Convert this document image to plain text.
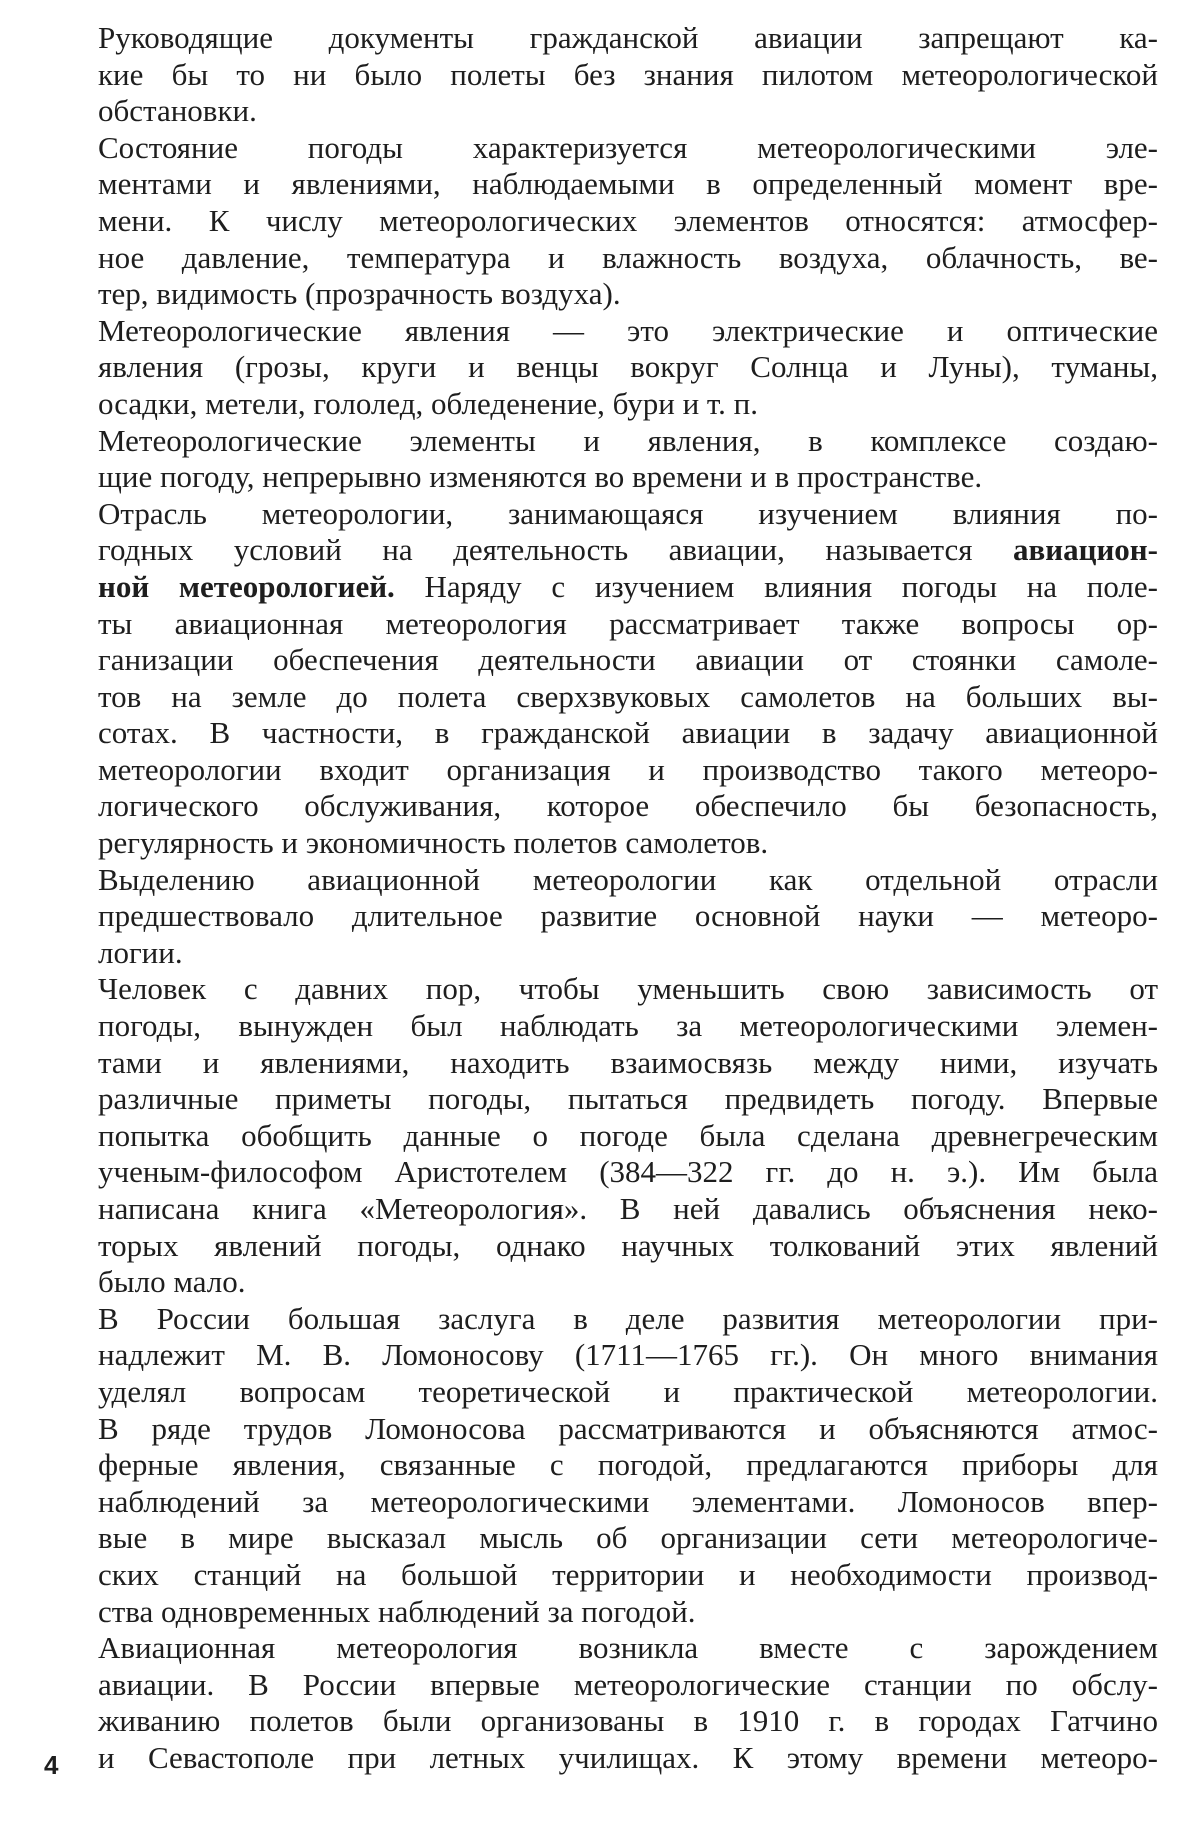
Руководящие документы гражданской авиации запрещают ка-
кие бы то ни было полеты без знания пилотом метеорологической
обстановки.
Состояние погоды характеризуется метеорологическими эле-
ментами и явлениями, наблюдаемыми в определенный момент вре-
мени. К числу метеорологических элементов относятся: атмосфер-
ное давление, температура и влажность воздуха, облачность, ве-
тер, видимость (прозрачность воздуха).
Метеорологические явления — это электрические и оптические
явления (грозы, круги и венцы вокруг Солнца и Луны), туманы,
осадки, метели, гололед, обледенение, бури и т. п.
Метеорологические элементы и явления, в комплексе создаю-
щие погоду, непрерывно изменяются во времени и в пространстве.
Отрасль метеорологии, занимающаяся изучением влияния по-
годных условий на деятельность авиации, называется авиацион-
ной метеорологией. Наряду с изучением влияния погоды на поле-
ты авиационная метеорология рассматривает также вопросы ор-
ганизации обеспечения деятельности авиации от стоянки самоле-
тов на земле до полета сверхзвуковых самолетов на больших вы-
сотах. В частности, в гражданской авиации в задачу авиационной
метеорологии входит организация и производство такого метеоро-
логического обслуживания, которое обеспечило бы безопасность,
регулярность и экономичность полетов самолетов.
Выделению авиационной метеорологии как отдельной отрасли
предшествовало длительное развитие основной науки — метеоро-
логии.
Человек с давних пор, чтобы уменьшить свою зависимость от
погоды, вынужден был наблюдать за метеорологическими элемен-
тами и явлениями, находить взаимосвязь между ними, изучать
различные приметы погоды, пытаться предвидеть погоду. Впервые
попытка обобщить данные о погоде была сделана древнегреческим
ученым-философом Аристотелем (384—322 гг. до н. э.). Им была
написана книга «Метеорология». В ней давались объяснения неко-
торых явлений погоды, однако научных толкований этих явлений
было мало.
В России большая заслуга в деле развития метеорологии при-
надлежит М. В. Ломоносову (1711—1765 гг.). Он много внимания
уделял вопросам теоретической и практической метеорологии.
В ряде трудов Ломоносова рассматриваются и объясняются атмос-
ферные явления, связанные с погодой, предлагаются приборы для
наблюдений за метеорологическими элементами. Ломоносов впер-
вые в мире высказал мысль об организации сети метеорологиче-
ских станций на большой территории и необходимости производ-
ства одновременных наблюдений за погодой.
Авиационная метеорология возникла вместе с зарождением
авиации. В России впервые метеорологические станции по обслу-
живанию полетов были организованы в 1910 г. в городах Гатчино
и Севастополе при летных училищах. К этому времени метеоро-
4
